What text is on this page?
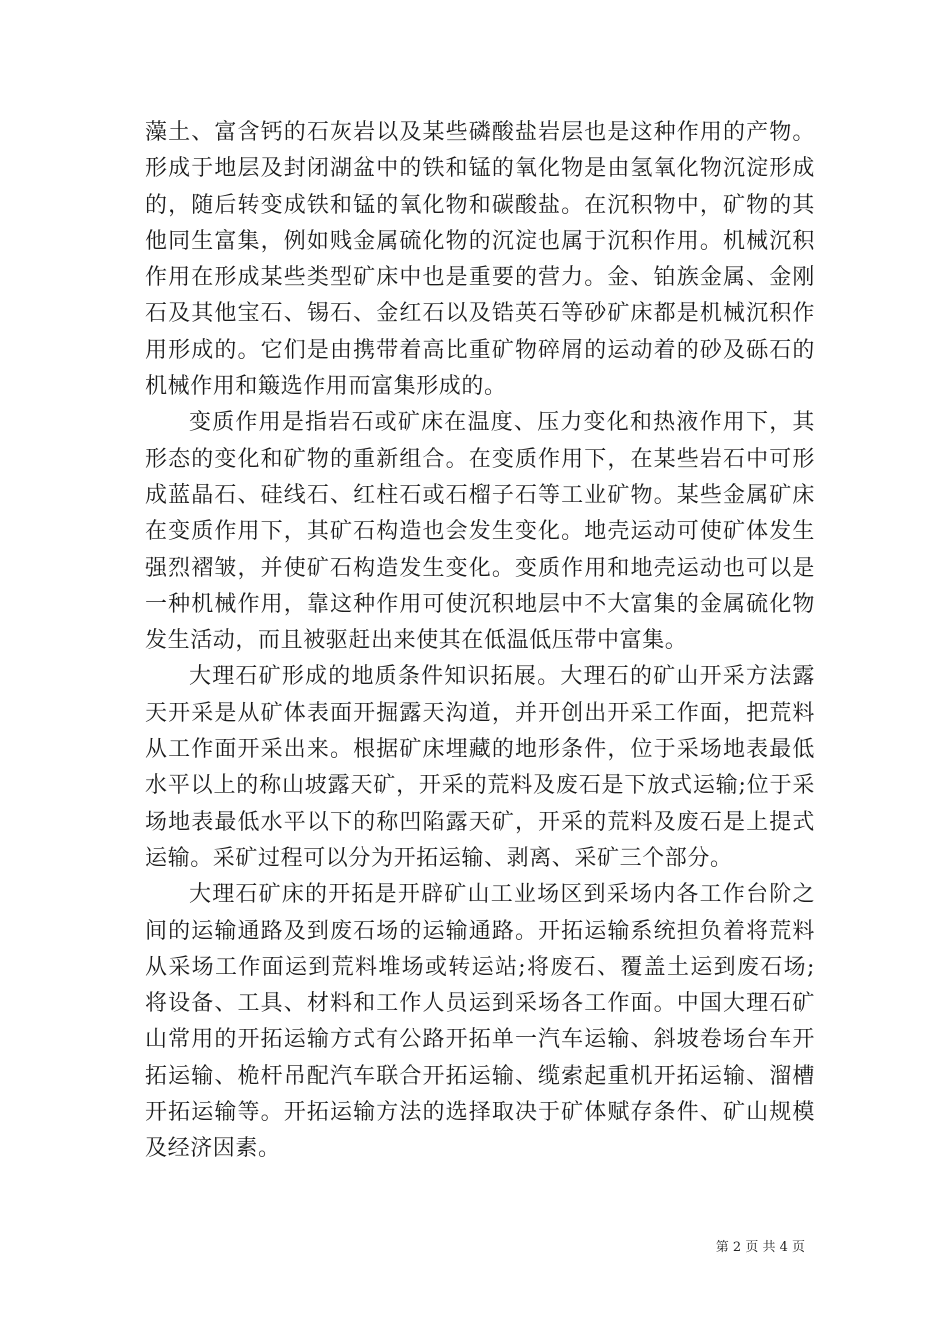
藻土、富含钙的石灰岩以及某些磷酸盐岩层也是这种作用的产物。形成于地层及封闭湖盆中的铁和锰的氧化物是由氢氧化物沉淀形成的，随后转变成铁和锰的氧化物和碳酸盐。在沉积物中，矿物的其他同生富集，例如贱金属硫化物的沉淀也属于沉积作用。机械沉积作用在形成某些类型矿床中也是重要的营力。金、铂族金属、金刚石及其他宝石、锡石、金红石以及锆英石等砂矿床都是机械沉积作用形成的。它们是由携带着高比重矿物碎屑的运动着的砂及砾石的机械作用和簸选作用而富集形成的。

变质作用是指岩石或矿床在温度、压力变化和热液作用下，其形态的变化和矿物的重新组合。在变质作用下，在某些岩石中可形成蓝晶石、硅线石、红柱石或石榴子石等工业矿物。某些金属矿床在变质作用下，其矿石构造也会发生变化。地壳运动可使矿体发生强烈褶皱，并使矿石构造发生变化。变质作用和地壳运动也可以是一种机械作用，靠这种作用可使沉积地层中不大富集的金属硫化物发生活动，而且被驱赶出来使其在低温低压带中富集。

大理石矿形成的地质条件知识拓展。大理石的矿山开采方法露天开采是从矿体表面开掘露天沟道，并开创出开采工作面，把荒料从工作面开采出来。根据矿床埋藏的地形条件，位于采场地表最低水平以上的称山坡露天矿，开采的荒料及废石是下放式运输;位于采场地表最低水平以下的称凹陷露天矿，开采的荒料及废石是上提式运输。采矿过程可以分为开拓运输、剥离、采矿三个部分。

大理石矿床的开拓是开辟矿山工业场区到采场内各工作台阶之间的运输通路及到废石场的运输通路。开拓运输系统担负着将荒料从采场工作面运到荒料堆场或转运站;将废石、覆盖土运到废石场;将设备、工具、材料和工作人员运到采场各工作面。中国大理石矿山常用的开拓运输方式有公路开拓单一汽车运输、斜坡卷场台车开拓运输、桅杆吊配汽车联合开拓运输、缆索起重机开拓运输、溜槽开拓运输等。开拓运输方法的选择取决于矿体赋存条件、矿山规模及经济因素。

第 2 页 共 4 页
